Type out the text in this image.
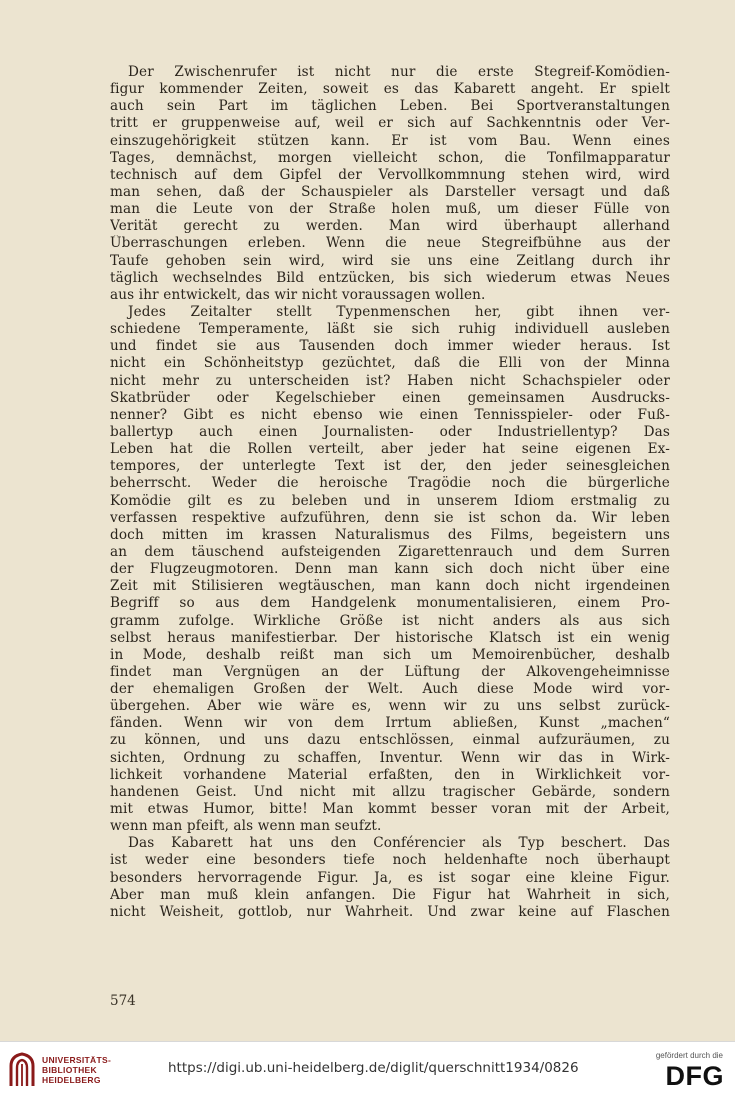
Der Zwischenrufer ist nicht nur die erste Stegreif-Komödien-
figur kommender Zeiten, soweit es das Kabarett angeht. Er spielt
auch sein Part im täglichen Leben. Bei Sportveranstaltungen
tritt er gruppenweise auf, weil er sich auf Sachkenntnis oder Ver-
einszugehörigkeit stützen kann. Er ist vom Bau. Wenn eines
Tages, demnächst, morgen vielleicht schon, die Tonfilmapparatur
technisch auf dem Gipfel der Vervollkommnung stehen wird, wird
man sehen, daß der Schauspieler als Darsteller versagt und daß
man die Leute von der Straße holen muß, um dieser Fülle von
Verität gerecht zu werden. Man wird überhaupt allerhand
Überraschungen erleben. Wenn die neue Stegreifbühne aus der
Taufe gehoben sein wird, wird sie uns eine Zeitlang durch ihr
täglich wechselndes Bild entzücken, bis sich wiederum etwas Neues
aus ihr entwickelt, das wir nicht voraussagen wollen.
Jedes Zeitalter stellt Typenmenschen her, gibt ihnen ver-
schiedene Temperamente, läßt sie sich ruhig individuell ausleben
und findet sie aus Tausenden doch immer wieder heraus. Ist
nicht ein Schönheitstyp gezüchtet, daß die Elli von der Minna
nicht mehr zu unterscheiden ist? Haben nicht Schachspieler oder
Skatbrüder oder Kegelschieber einen gemeinsamen Ausdrucks-
nenner? Gibt es nicht ebenso wie einen Tennisspieler- oder Fuß-
ballertyp auch einen Journalisten- oder Industriellentyp? Das
Leben hat die Rollen verteilt, aber jeder hat seine eigenen Ex-
tempores, der unterlegte Text ist der, den jeder seinesgleichen
beherrscht. Weder die heroische Tragödie noch die bürgerliche
Komödie gilt es zu beleben und in unserem Idiom erstmalig zu
verfassen respektive aufzuführen, denn sie ist schon da. Wir leben
doch mitten im krassen Naturalismus des Films, begeistern uns
an dem täuschend aufsteigenden Zigarettenrauch und dem Surren
der Flugzeugmotoren. Denn man kann sich doch nicht über eine
Zeit mit Stilisieren wegtäuschen, man kann doch nicht irgendeinen
Begriff so aus dem Handgelenk monumentalisieren, einem Pro-
gramm zufolge. Wirkliche Größe ist nicht anders als aus sich
selbst heraus manifestierbar. Der historische Klatsch ist ein wenig
in Mode, deshalb reißt man sich um Memoirenbücher, deshalb
findet man Vergnügen an der Lüftung der Alkovengeheimnisse
der ehemaligen Großen der Welt. Auch diese Mode wird vor-
übergehen. Aber wie wäre es, wenn wir zu uns selbst zurück-
fänden. Wenn wir von dem Irrtum abließen, Kunst „machen“
zu können, und uns dazu entschlössen, einmal aufzuräumen, zu
sichten, Ordnung zu schaffen, Inventur. Wenn wir das in Wirk-
lichkeit vorhandene Material erfaßten, den in Wirklichkeit vor-
handenen Geist. Und nicht mit allzu tragischer Gebärde, sondern
mit etwas Humor, bitte! Man kommt besser voran mit der Arbeit,
wenn man pfeift, als wenn man seufzt.
Das Kabarett hat uns den Conférencier als Typ beschert. Das
ist weder eine besonders tiefe noch heldenhafte noch überhaupt
besonders hervorragende Figur. Ja, es ist sogar eine kleine Figur.
Aber man muß klein anfangen. Die Figur hat Wahrheit in sich,
nicht Weisheit, gottlob, nur Wahrheit. Und zwar keine auf Flaschen
574
UNIVERSITÄTS-
BIBLIOTHEK
HEIDELBERG
https://digi.ub.uni-heidelberg.de/diglit/querschnitt1934/0826
gefördert durch die
DFG
